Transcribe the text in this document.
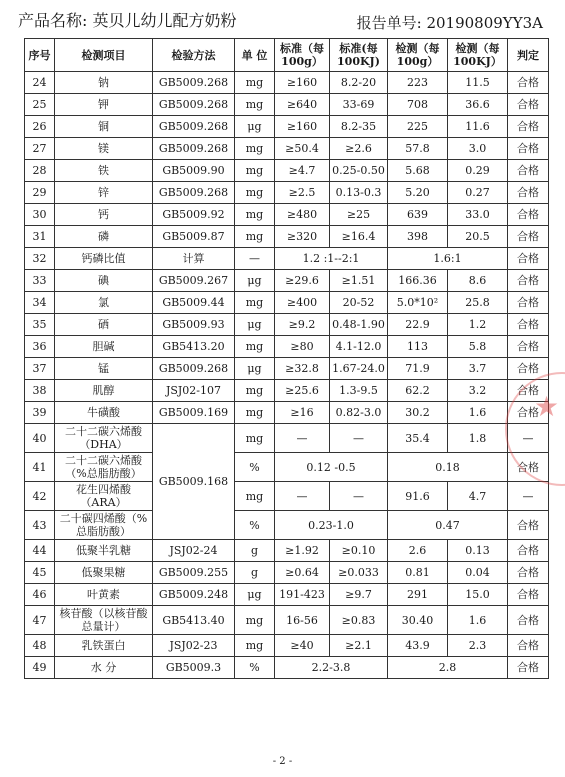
产品名称: 英贝儿幼儿配方奶粉	报告单号: 20190809YY3A
序号	检测项目	检验方法	单 位	标准（每100g）	标准(每100KJ)	检测（每100g）	检测（每100KJ）	判定
24	钠	GB5009.268	mg	≥160	8.2-20	223	11.5	合格
25	钾	GB5009.268	mg	≥640	33-69	708	36.6	合格
26	铜	GB5009.268	μg	≥160	8.2-35	225	11.6	合格
27	镁	GB5009.268	mg	≥50.4	≥2.6	57.8	3.0	合格
28	铁	GB5009.90	mg	≥4.7	0.25-0.50	5.68	0.29	合格
29	锌	GB5009.268	mg	≥2.5	0.13-0.3	5.20	0.27	合格
30	钙	GB5009.92	mg	≥480	≥25	639	33.0	合格
31	磷	GB5009.87	mg	≥320	≥16.4	398	20.5	合格
32	钙磷比值	计算	—	1.2 :1--2:1		1.6:1		合格
33	碘	GB5009.267	μg	≥29.6	≥1.51	166.36	8.6	合格
34	氯	GB5009.44	mg	≥400	20-52	5.0*10²	25.8	合格
35	硒	GB5009.93	μg	≥9.2	0.48-1.90	22.9	1.2	合格
36	胆碱	GB5413.20	mg	≥80	4.1-12.0	113	5.8	合格
37	锰	GB5009.268	μg	≥32.8	1.67-24.0	71.9	3.7	合格
38	肌醇	JSJ02-107	mg	≥25.6	1.3-9.5	62.2	3.2	合格
39	牛磺酸	GB5009.169	mg	≥16	0.82-3.0	30.2	1.6	合格
40	二十二碳六烯酸
（DHA）	GB5009.168	mg	—	—	35.4	1.8	—
41	二十二碳六烯酸
（%总脂肪酸）		%	0.12 -0.5		0.18		合格
42	花生四烯酸
（ARA）		mg	—	—	91.6	4.7	—
43	二十碳四烯酸（%
总脂肪酸）		%	0.23-1.0		0.47		合格
44	低聚半乳糖	JSJ02-24	g	≥1.92	≥0.10	2.6	0.13	合格
45	低聚果糖	GB5009.255	g	≥0.64	≥0.033	0.81	0.04	合格
46	叶黄素	GB5009.248	μg	191-423	≥9.7	291	15.0	合格
47	核苷酸（以核苷酸
总量计）	GB5413.40	mg	16-56	≥0.83	30.40	1.6	合格
48	乳铁蛋白	JSJ02-23	mg	≥40	≥2.1	43.9	2.3	合格
49	水 分	GB5009.3	%	2.2-3.8		2.8		合格
★
- 2 -
